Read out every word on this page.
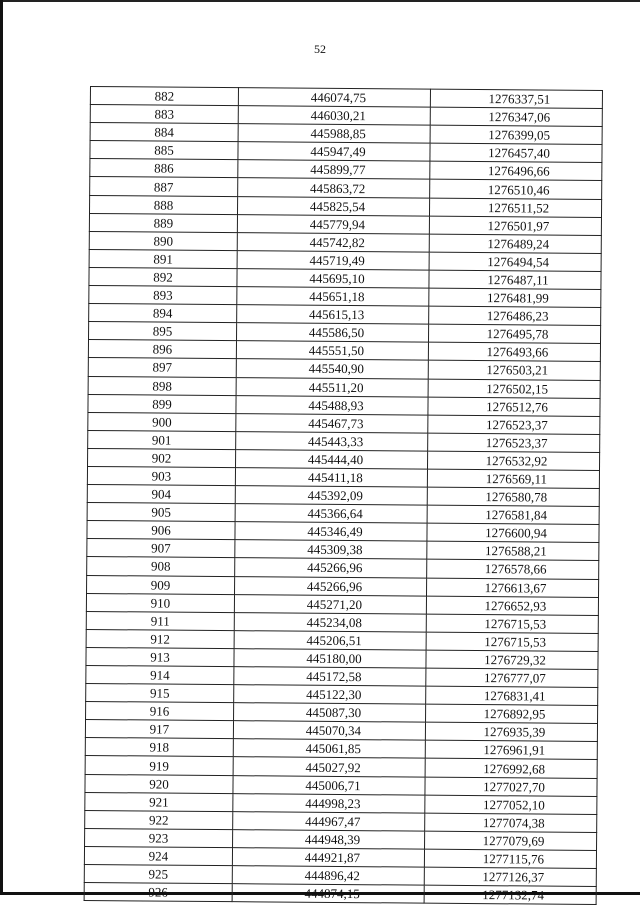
52
882	446074,75	1276337,51
883	446030,21	1276347,06
884	445988,85	1276399,05
885	445947,49	1276457,40
886	445899,77	1276496,66
887	445863,72	1276510,46
888	445825,54	1276511,52
889	445779,94	1276501,97
890	445742,82	1276489,24
891	445719,49	1276494,54
892	445695,10	1276487,11
893	445651,18	1276481,99
894	445615,13	1276486,23
895	445586,50	1276495,78
896	445551,50	1276493,66
897	445540,90	1276503,21
898	445511,20	1276502,15
899	445488,93	1276512,76
900	445467,73	1276523,37
901	445443,33	1276523,37
902	445444,40	1276532,92
903	445411,18	1276569,11
904	445392,09	1276580,78
905	445366,64	1276581,84
906	445346,49	1276600,94
907	445309,38	1276588,21
908	445266,96	1276578,66
909	445266,96	1276613,67
910	445271,20	1276652,93
911	445234,08	1276715,53
912	445206,51	1276715,53
913	445180,00	1276729,32
914	445172,58	1276777,07
915	445122,30	1276831,41
916	445087,30	1276892,95
917	445070,34	1276935,39
918	445061,85	1276961,91
919	445027,92	1276992,68
920	445006,71	1277027,70
921	444998,23	1277052,10
922	444967,47	1277074,38
923	444948,39	1277079,69
924	444921,87	1277115,76
925	444896,42	1277126,37
926	444874,15	1277132,74
